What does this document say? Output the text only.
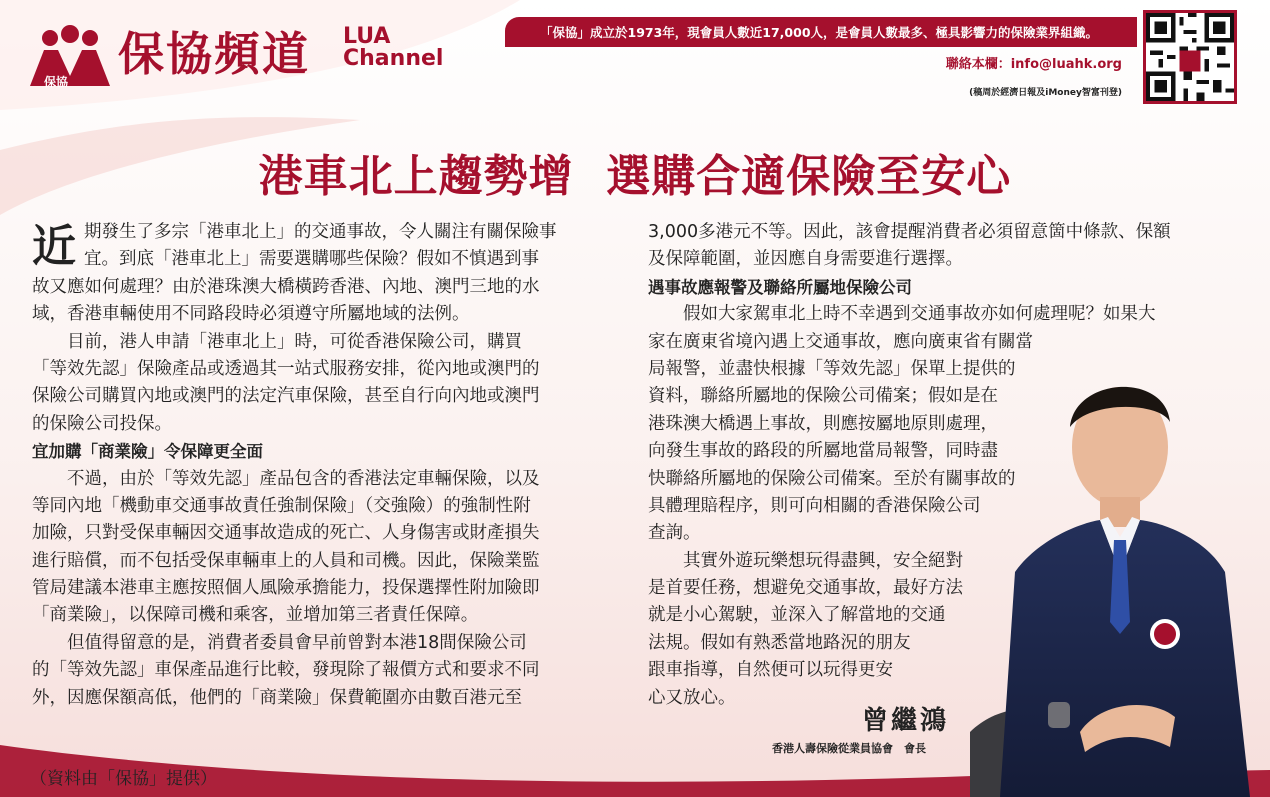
保協
保協頻道 LUA
Channel
「保協」成立於1973年，現會員人數近17,000人，是會員人數最多、極具影響力的保險業界組織。
聯絡本欄：info@luahk.org
(稿周於經濟日報及iMoney智富刊登)
港車北上趨勢增  選購合適保險至安心
近 期發生了多宗「港車北上」的交通事故，令人關注有關保險事
宜。到底「港車北上」需要選購哪些保險？假如不慎遇到事
故又應如何處理？由於港珠澳大橋橫跨香港、內地、澳門三地的水
域，香港車輛使用不同路段時必須遵守所屬地域的法例。
目前，港人申請「港車北上」時，可從香港保險公司，購買
「等效先認」保險產品或透過其一站式服務安排，從內地或澳門的
保險公司購買內地或澳門的法定汽車保險，甚至自行向內地或澳門
的保險公司投保。
宜加購「商業險」令保障更全面
不過，由於「等效先認」產品包含的香港法定車輛保險，以及
等同內地「機動車交通事故責任強制保險」（交強險）的強制性附
加險，只對受保車輛因交通事故造成的死亡、人身傷害或財產損失
進行賠償，而不包括受保車輛車上的人員和司機。因此，保險業監
管局建議本港車主應按照個人風險承擔能力，投保選擇性附加險即
「商業險」，以保障司機和乘客，並增加第三者責任保障。
但值得留意的是，消費者委員會早前曾對本港18間保險公司
的「等效先認」車保產品進行比較，發現除了報價方式和要求不同
外，因應保額高低，他們的「商業險」保費範圍亦由數百港元至
3,000多港元不等。因此，該會提醒消費者必須留意箇中條款、保額
及保障範圍，並因應自身需要進行選擇。
遇事故應報警及聯絡所屬地保險公司
假如大家駕車北上時不幸遇到交通事故亦如何處理呢？如果大
家在廣東省境內遇上交通事故，應向廣東省有關當
局報警，並盡快根據「等效先認」保單上提供的
資料，聯絡所屬地的保險公司備案；假如是在
港珠澳大橋遇上事故，則應按屬地原則處理，
向發生事故的路段的所屬地當局報警，同時盡
快聯絡所屬地的保險公司備案。至於有關事故的
具體理賠程序，則可向相關的香港保險公司
查詢。
其實外遊玩樂想玩得盡興，安全絕對
是首要任務，想避免交通事故，最好方法
就是小心駕駛，並深入了解當地的交通
法規。假如有熟悉當地路況的朋友
跟車指導，自然便可以玩得更安
心又放心。
曾繼鴻
香港人壽保險從業員協會　會長
（資料由「保協」提供）
